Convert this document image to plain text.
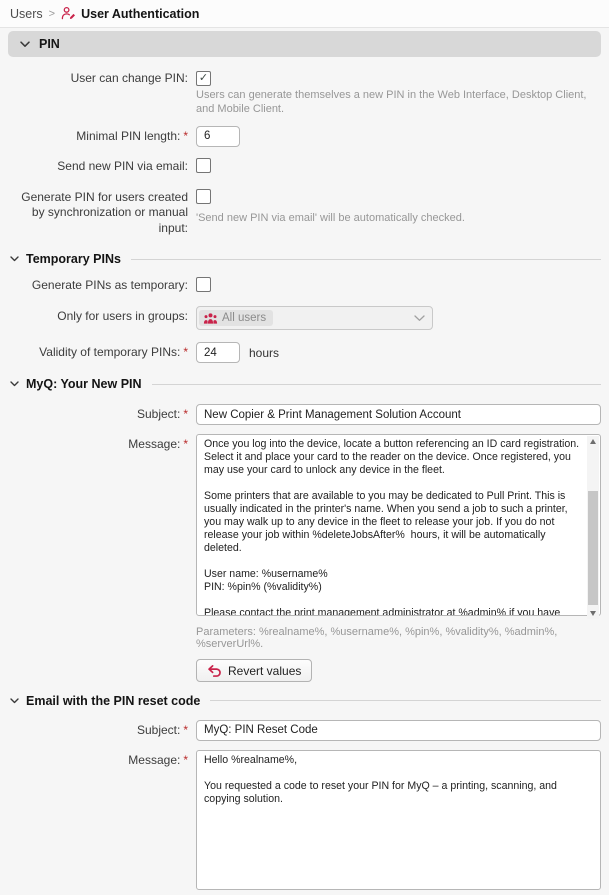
Users > User Authentication
PIN
User can change PIN: ✓
Users can generate themselves a new PIN in the Web Interface, Desktop Client, and Mobile Client.
Minimal PIN length: *
6
Send new PIN via email:
Generate PIN for users created by synchronization or manual input:
'Send new PIN via email' will be automatically checked.
Temporary PINs
Generate PINs as temporary:
Only for users in groups:	All users
Validity of temporary PINs: *
24	hours
MyQ: Your New PIN
Subject: *
New Copier & Print Management Solution Account
Message: *
Once you log into the device, locate a button referencing an ID card registration. Select it and place your card to the reader on the device. Once registered, you may use your card to unlock any device in the fleet. Some printers that are available to you may be dedicated to Pull Print. This is usually indicated in the printer's name. When you send a job to such a printer, you may walk up to any device in the fleet to release your job. If you do not release your job within %deleteJobsAfter% hours, it will be automatically deleted. User name: %username% PIN: %pin% (%validity%) Please contact the print management administrator at %admin% if you have any additional questions.
Parameters: %realname%, %username%, %pin%, %validity%, %admin%, %serverUrl%.
Revert values
Email with the PIN reset code
Subject: *
MyQ: PIN Reset Code
Message: *
Hello %realname%, You requested a code to reset your PIN for MyQ – a printing, scanning, and copying solution.
